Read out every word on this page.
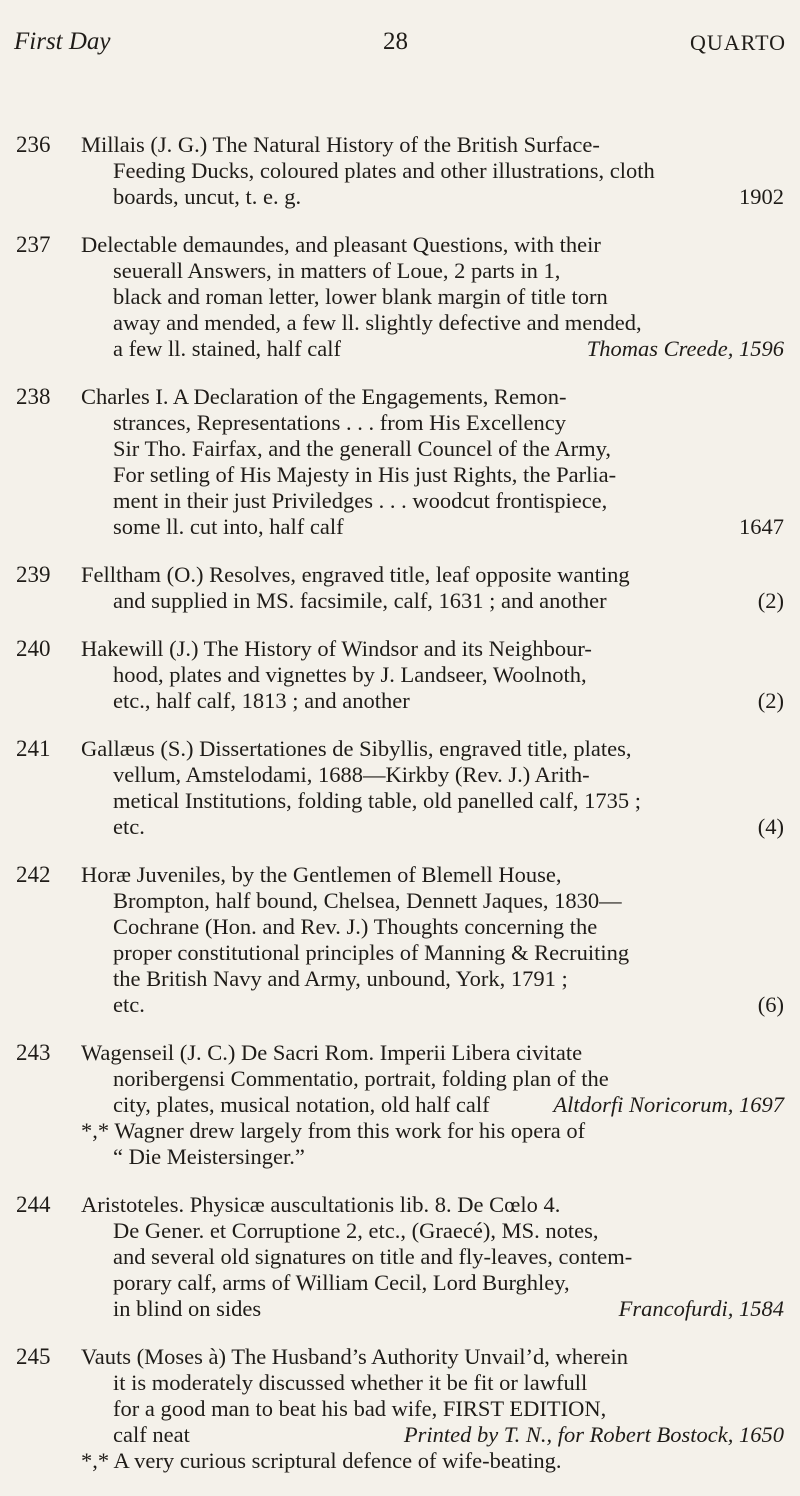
First Day	28	QUARTO
236 Millais (J. G.) The Natural History of the British Surface-
Feeding Ducks, coloured plates and other illustrations, cloth
boards, uncut, t. e. g.	1902
237 Delectable demaundes, and pleasant Questions, with their
seuerall Answers, in matters of Loue, 2 parts in 1,
black and roman letter, lower blank margin of title torn
away and mended, a few ll. slightly defective and mended,
a few ll. stained, half calf	Thomas Creede, 1596
238 Charles I. A Declaration of the Engagements, Remon-
strances, Representations . . . from His Excellency
Sir Tho. Fairfax, and the generall Councel of the Army,
For setling of His Majesty in His just Rights, the Parlia-
ment in their just Priviledges . . . woodcut frontispiece,
some ll. cut into, half calf	1647
239 Felltham (O.) Resolves, engraved title, leaf opposite wanting
and supplied in MS. facsimile, calf, 1631 ; and another	(2)
240 Hakewill (J.) The History of Windsor and its Neighbour-
hood, plates and vignettes by J. Landseer, Woolnoth,
etc., half calf, 1813 ; and another	(2)
241 Gallæus (S.) Dissertationes de Sibyllis, engraved title, plates,
vellum, Amstelodami, 1688—Kirkby (Rev. J.) Arith-
metical Institutions, folding table, old panelled calf, 1735 ;
etc.	(4)
242 Horæ Juveniles, by the Gentlemen of Blemell House,
Brompton, half bound, Chelsea, Dennett Jaques, 1830—
Cochrane (Hon. and Rev. J.) Thoughts concerning the
proper constitutional principles of Manning & Recruiting
the British Navy and Army, unbound, York, 1791 ;
etc.	(6)
243 Wagenseil (J. C.) De Sacri Rom. Imperii Libera civitate
noribergensi Commentatio, portrait, folding plan of the
city, plates, musical notation, old half calf	Altdorfi Noricorum, 1697
*,* Wagner drew largely from this work for his opera of
“ Die Meistersinger.”
244 Aristoteles. Physicæ auscultationis lib. 8. De Cœlo 4.
De Gener. et Corruptione 2, etc., (Graecé), MS. notes,
and several old signatures on title and fly-leaves, contem-
porary calf, arms of William Cecil, Lord Burghley,
in blind on sides	Francofurdi, 1584
245 Vauts (Moses à) The Husband’s Authority Unvail’d, wherein
it is moderately discussed whether it be fit or lawfull
for a good man to beat his bad wife, FIRST EDITION,
calf neat	Printed by T. N., for Robert Bostock, 1650
*,* A very curious scriptural defence of wife-beating.
